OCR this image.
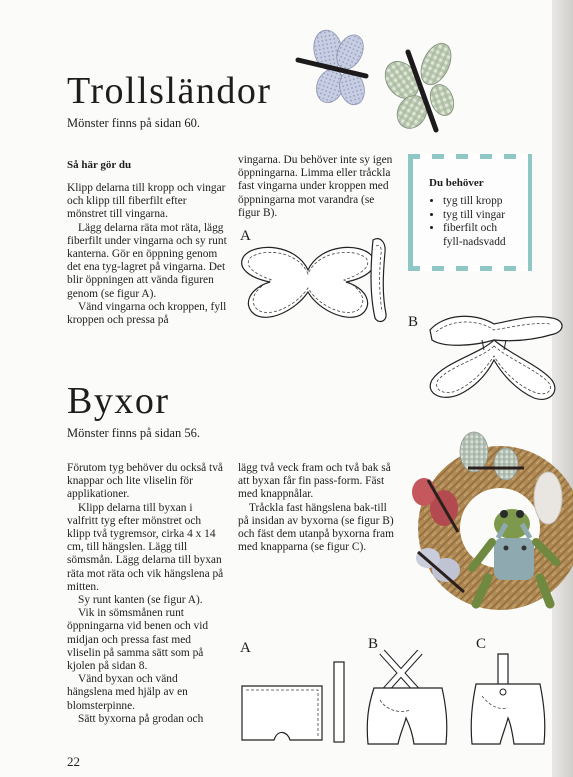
Trollsländor
Mönster finns på sidan 60.
Så här gör du

Klipp delarna till kropp och vingar och klipp till fiberfilt efter mönstret till vingarna.

Lägg delarna räta mot räta, lägg fiberfilt under vingarna och sy runt kanterna. Gör en öppning genom det ena tyg-lagret på vingarna. Det blir öppningen att vända figuren genom (se figur A).

Vänd vingarna och kroppen, fyll kroppen och pressa på

vingarna. Du behöver inte sy igen öppningarna. Limma eller tråckla fast vingarna under kroppen med öppningarna mot varandra (se figur B).

Du behöver
• tyg till kropp
• tyg till vingar
• fiberfilt och fyll-nadsvadd
A
B
Byxor
Mönster finns på sidan 56.

Förutom tyg behöver du också två knappar och lite vliselin för applikationer.

Klipp delarna till byxan i valfritt tyg efter mönstret och klipp två tygremsor, cirka 4 x 14 cm, till hängslen. Lägg till sömsmån. Lägg delarna till byxan räta mot räta och vik hängslena på mitten.

Sy runt kanten (se figur A).

Vik in sömsmånen runt öppningarna vid benen och vid midjan och pressa fast med vliselin på samma sätt som på kjolen på sidan 8.

Vänd byxan och vänd hängslena med hjälp av en blomsterpinne.

Sätt byxorna på grodan och

lägg två veck fram och två bak så att byxan får fin pass-form. Fäst med knappnålar.

Tråckla fast hängslena bak-till på insidan av byxorna (se figur B) och fäst dem utanpå byxorna fram med knapparna (se figur C).

A	B	C
22
